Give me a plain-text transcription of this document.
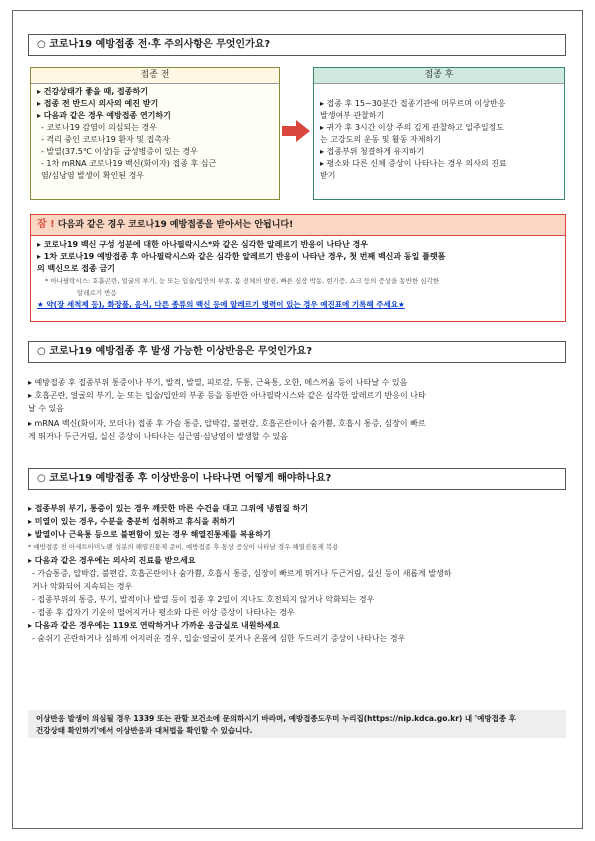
○ 코로나19 예방접종 전·후 주의사항은 무엇인가요?
접종 전
▸ 건강상태가 좋을 때, 접종하기
▸ 접종 전 반드시 의사의 예진 받기
▸ 다음과 같은 경우 예방접종 연기하기
- 코로나19 감염이 의심되는 경우
- 격리 중인 코로나19 환자 및 접촉자
- 발열(37.5℃ 이상)등 급성병증이 있는 경우
- 1차 mRNA 코로나19 백신(화이자) 접종 후 심근
염/심낭염 발생이 확인된 경우
접종 후
▸ 접종 후 15~30분간 접종기관에 머무르며 이상반응
발생여부 관찰하기
▸ 귀가 후 3시간 이상 주의 깊게 관찰하고 일주일정도
는 고강도의 운동 및 활동 자제하기
▸ 접종부위 청결하게 유지하기
▸ 평소와 다른 신체 증상이 나타나는 경우 의사의 진료
받기
잠 ! 다음과 같은 경우 코로나19 예방접종을 받아서는 안됩니다!
▸ 코로나19 백신 구성 성분에 대한 아나필락시스*와 같은 심각한 알레르기 반응이 나타난 경우
▸ 1차 코로나19 예방접종 후 아나필락시스와 같은 심각한 알레르기 반응이 나타난 경우, 첫 번째 백신과 동일 플랫폼
의 백신으로 접종 금기
* 아나필락시스: 호흡곤란, 얼굴의 부기, 눈 또는 입술/입안의 부종, 몸 전체의 발진, 빠른 심장 박동, 현기증, 쇼크 등의 증상을 동반한 심각한
알레르기 반응
★ 약(장 세척제 등), 화장품, 음식, 다른 종류의 백신 등에 알레르기 병력이 있는 경우 예진표에 기록해 주세요★
○ 코로나19 예방접종 후 발생 가능한 이상반응은 무엇인가요?
▸ 예방접종 후 접종부위 통증이나 부기, 발적, 발열, 피로감, 두통, 근육통, 오한, 메스꺼움 등이 나타날 수 있음
▸ 호흡곤란, 얼굴의 부기, 눈 또는 입술/입안의 부종 등을 동반한 아나필락시스와 같은 심각한 알레르기 반응이 나타
날 수 있음
▸ mRNA 백신(화이자, 모더나) 접종 후 가슴 통증, 압박감, 불편감, 호흡곤란이나 숨가쁨, 호흡시 통증, 심장이 빠르
게 뛰거나 두근거림, 실신 증상이 나타나는 심근염·심낭염이 발생할 수 있음
○ 코로나19 예방접종 후 이상반응이 나타나면 어떻게 해야하나요?
▸ 접종부위 부기, 통증이 있는 경우 깨끗한 마른 수건을 대고 그위에 냉찜질 하기
▸ 미열이 있는 경우, 수분을 충분히 섭취하고 휴식을 취하기
▸ 발열이나 근육통 등으로 불편함이 있는 경우 해열진통제를 복용하기
* 예방접종 전 아세트아미노펜 성분의 해열진통제 준비, 예방접종 후 통상 증상이 나타날 경우 해열진통제 복용
▸ 다음과 같은 경우에는 의사의 진료를 받으세요
- 가슴통증, 압박감, 불편감, 호흡곤란이나 숨가쁨, 호흡시 통증, 심장이 빠르게 뛰거나 두근거림, 실신 등이 새롭게 발생하
거나 악화되어 지속되는 경우
- 접종부위의 통증, 부기, 발적이나 발열 등이 접종 후 2일이 지나도 호전되지 않거나 악화되는 경우
- 접종 후 갑자기 기운이 떨어지거나 평소와 다른 이상 증상이 나타나는 경우
▸ 다음과 같은 경우에는 119로 연락하거나 가까운 응급실로 내원하세요
- 숨쉬기 곤란하거나 심하게 어지러운 경우, 입술·얼굴이 붓거나 온몸에 심한 두드러기 증상이 나타나는 경우
이상반응 발생이 의심될 경우 1339 또는 관할 보건소에 문의하시기 바라며, 예방접종도우미 누리집(https://nip.kdca.go.kr) 내 '예방접종 후
건강상태 확인하기'에서 이상반응과 대처법을 확인할 수 있습니다.
